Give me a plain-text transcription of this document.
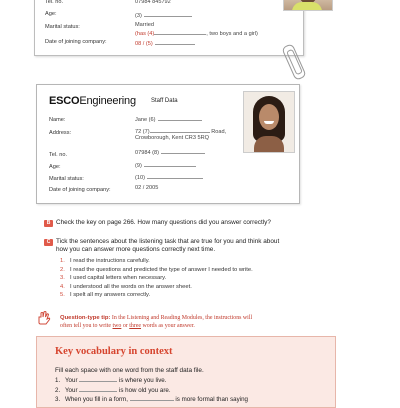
Tel. no.	07984 845792
Age:	(3)
Marital status:	Married
(has (4)	, two boys and a girl)
Date of joining company:	08 / (5)
ESCOEngineering	Staff Data
Name:	Jane (6)
Address:	72 (7)	Road,
Crowborough, Kent CR3 5RQ
Tel. no.	07984 (8)
Age:	(9)
Marital status:	(10)
Date of joining company:	02 / 2005
B Check the key on page 266. How many questions did you answer correctly?
C Tick the sentences about the listening task that are true for you and think about
how you can answer more questions correctly next time.
1. I read the instructions carefully.
2. I read the questions and predicted the type of answer I needed to write.
3. I used capital letters when necessary.
4. I understood all the words on the answer sheet.
5. I spelt all my answers correctly.
Question-type tip: In the Listening and Reading Modules, the instructions will
often tell you to write two or three words as your answer.
Key vocabulary in context
Fill each space with one word from the staff data file.
1. Your	is where you live.
2. Your	is how old you are.
3. When you fill in a form,	is more formal than saying
